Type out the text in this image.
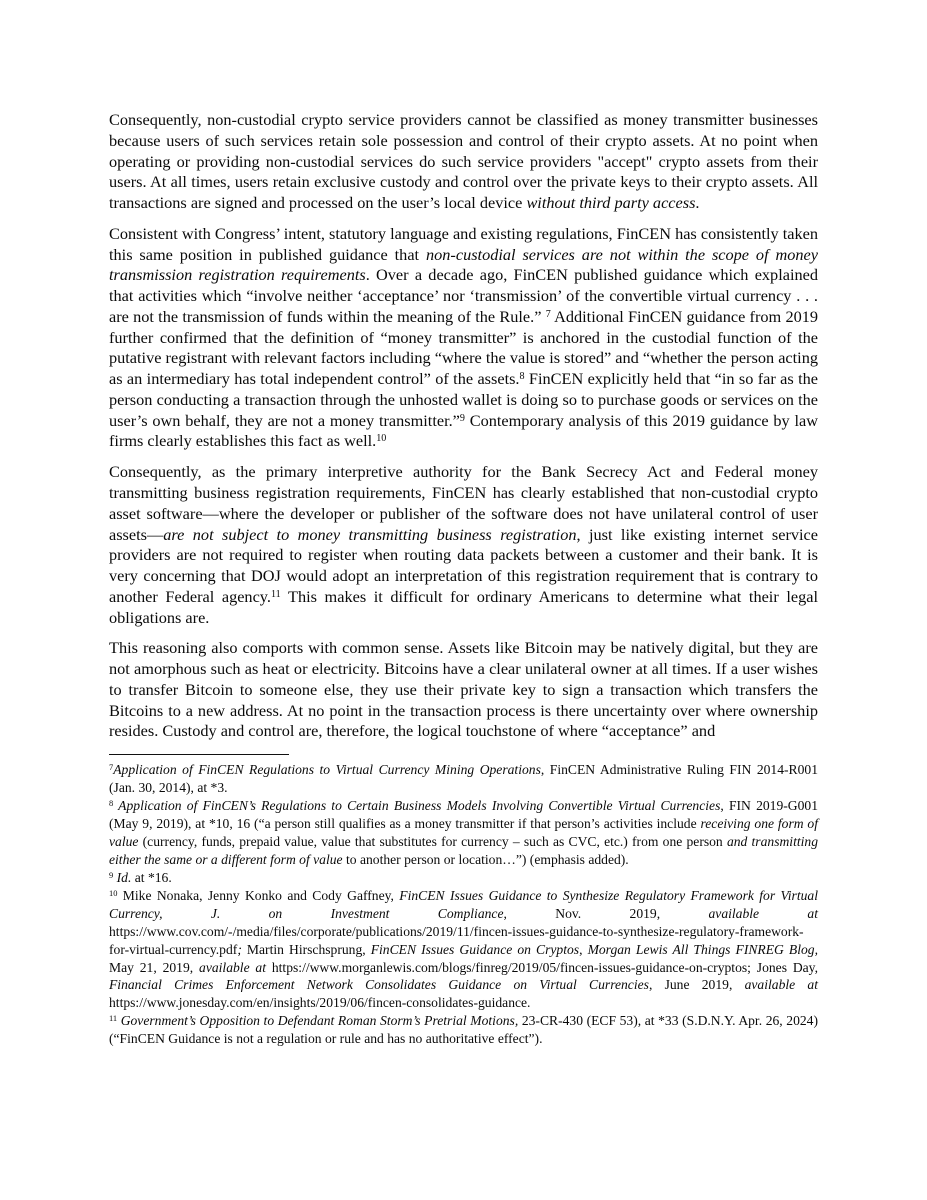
Consequently, non-custodial crypto service providers cannot be classified as money transmitter businesses because users of such services retain sole possession and control of their crypto assets. At no point when operating or providing non-custodial services do such service providers "accept" crypto assets from their users. At all times, users retain exclusive custody and control over the private keys to their crypto assets. All transactions are signed and processed on the user’s local device without third party access.

Consistent with Congress’ intent, statutory language and existing regulations, FinCEN has consistently taken this same position in published guidance that non-custodial services are not within the scope of money transmission registration requirements. Over a decade ago, FinCEN published guidance which explained that activities which “involve neither ‘acceptance’ nor ‘transmission’ of the convertible virtual currency . . . are not the transmission of funds within the meaning of the Rule.” $^7$ Additional FinCEN guidance from 2019 further confirmed that the definition of “money transmitter” is anchored in the custodial function of the putative registrant with relevant factors including “where the value is stored” and “whether the person acting as an intermediary has total independent control” of the assets.$^8$ FinCEN explicitly held that “in so far as the person conducting a transaction through the unhosted wallet is doing so to purchase goods or services on the user’s own behalf, they are not a money transmitter.”$^9$ Contemporary analysis of this 2019 guidance by law firms clearly establishes this fact as well.$^{10}$

Consequently, as the primary interpretive authority for the Bank Secrecy Act and Federal money transmitting business registration requirements, FinCEN has clearly established that non-custodial crypto asset software—where the developer or publisher of the software does not have unilateral control of user assets—are not subject to money transmitting business registration, just like existing internet service providers are not required to register when routing data packets between a customer and their bank. It is very concerning that DOJ would adopt an interpretation of this registration requirement that is contrary to another Federal agency.$^{11}$ This makes it difficult for ordinary Americans to determine what their legal obligations are.

This reasoning also comports with common sense. Assets like Bitcoin may be natively digital, but they are not amorphous such as heat or electricity. Bitcoins have a clear unilateral owner at all times. If a user wishes to transfer Bitcoin to someone else, they use their private key to sign a transaction which transfers the Bitcoins to a new address. At no point in the transaction process is there uncertainty over where ownership resides. Custody and control are, therefore, the logical touchstone of where “acceptance” and

$^7$Application of FinCEN Regulations to Virtual Currency Mining Operations, FinCEN Administrative Ruling FIN 2014-R001 (Jan. 30, 2014), at *3.
$^8$ Application of FinCEN’s Regulations to Certain Business Models Involving Convertible Virtual Currencies, FIN 2019-G001 (May 9, 2019), at *10, 16 (“a person still qualifies as a money transmitter if that person’s activities include receiving one form of value (currency, funds, prepaid value, value that substitutes for currency – such as CVC, etc.) from one person and transmitting either the same or a different form of value to another person or location…”) (emphasis added).
$^9$ Id. at *16.
$^{10}$ Mike Nonaka, Jenny Konko and Cody Gaffney, FinCEN Issues Guidance to Synthesize Regulatory Framework for Virtual Currency, J. on Investment Compliance, Nov. 2019, available at https://www.cov.com/-/media/files/corporate/publications/2019/11/fincen-issues-guidance-to-synthesize-regulatory-framework-for-virtual-currency.pdf; Martin Hirschsprung, FinCEN Issues Guidance on Cryptos, Morgan Lewis All Things FINREG Blog, May 21, 2019, available at https://www.morganlewis.com/blogs/finreg/2019/05/fincen-issues-guidance-on-cryptos; Jones Day, Financial Crimes Enforcement Network Consolidates Guidance on Virtual Currencies, June 2019, available at https://www.jonesday.com/en/insights/2019/06/fincen-consolidates-guidance.
$^{11}$ Government’s Opposition to Defendant Roman Storm’s Pretrial Motions, 23-CR-430 (ECF 53), at *33 (S.D.N.Y. Apr. 26, 2024) (“FinCEN Guidance is not a regulation or rule and has no authoritative effect”).
